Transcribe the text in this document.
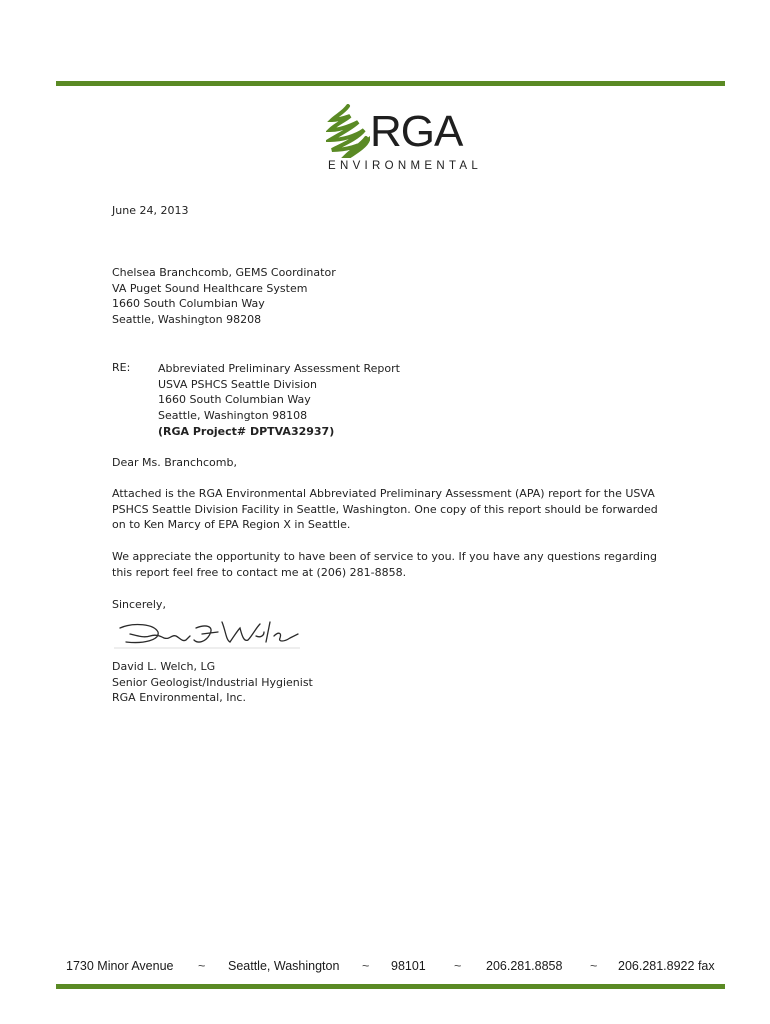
RGA
ENVIRONMENTAL
June 24, 2013
Chelsea Branchcomb, GEMS Coordinator
VA Puget Sound Healthcare System
1660 South Columbian Way
Seattle, Washington 98208
RE:	Abbreviated Preliminary Assessment Report
USVA PSHCS Seattle Division
1660 South Columbian Way
Seattle, Washington 98108
(RGA Project# DPTVA32937)
Dear Ms. Branchcomb,
Attached is the RGA Environmental Abbreviated Preliminary Assessment (APA) report for the USVA PSHCS Seattle Division Facility in Seattle, Washington. One copy of this report should be forwarded on to Ken Marcy of EPA Region X in Seattle.
We appreciate the opportunity to have been of service to you. If you have any questions regarding this report feel free to contact me at (206) 281-8858.
Sincerely,
David L. Welch, LG
Senior Geologist/Industrial Hygienist
RGA Environmental, Inc.
1730 Minor Avenue ~ Seattle, Washington ~ 98101 ~ 206.281.8858 ~ 206.281.8922 fax
